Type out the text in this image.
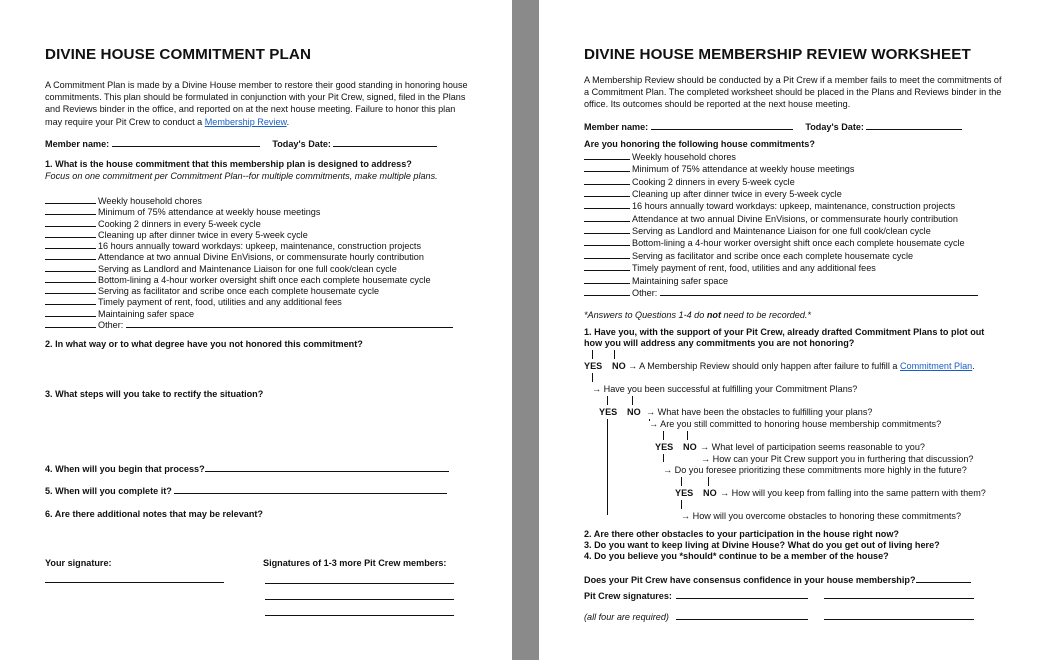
DIVINE HOUSE COMMITMENT PLAN
A Commitment Plan is made by a Divine House member to restore their good standing in honoring house commitments. This plan should be formulated in conjunction with your Pit Crew, signed, filed in the Plans and Reviews binder in the office, and reported on at the next house meeting. Failure to honor this plan may require your Pit Crew to conduct a Membership Review.
Member name:	Today's Date:
1. What is the house commitment that this membership plan is designed to address?
Focus on one commitment per Commitment Plan--for multiple commitments, make multiple plans.
Weekly household chores
Minimum of 75% attendance at weekly house meetings
Cooking 2 dinners in every 5-week cycle
Cleaning up after dinner twice in every 5-week cycle
16 hours annually toward workdays: upkeep, maintenance, construction projects
Attendance at two annual Divine EnVisions, or commensurate hourly contribution
Serving as Landlord and Maintenance Liaison for one full cook/clean cycle
Bottom-lining a 4-hour worker oversight shift once each complete housemate cycle
Serving as facilitator and scribe once each complete housemate cycle
Timely payment of rent, food, utilities and any additional fees
Maintaining safer space
Other:
2. In what way or to what degree have you not honored this commitment?
3. What steps will you take to rectify the situation?
4. When will you begin that process?
5. When will you complete it?
6. Are there additional notes that may be relevant?
Your signature:	Signatures of 1-3 more Pit Crew members:
DIVINE HOUSE MEMBERSHIP REVIEW WORKSHEET
A Membership Review should be conducted by a Pit Crew if a member fails to meet the commitments of a Commitment Plan. The completed worksheet should be placed in the Plans and Reviews binder in the office. Its outcomes should be reported at the next house meeting.
Member name:	Today's Date:
Are you honoring the following house commitments?
Weekly household chores
Minimum of 75% attendance at weekly house meetings
Cooking 2 dinners in every 5-week cycle
Cleaning up after dinner twice in every 5-week cycle
16 hours annually toward workdays: upkeep, maintenance, construction projects
Attendance at two annual Divine EnVisions, or commensurate hourly contribution
Serving as Landlord and Maintenance Liaison for one full cook/clean cycle
Bottom-lining a 4-hour worker oversight shift once each complete housemate cycle
Serving as facilitator and scribe once each complete housemate cycle
Timely payment of rent, food, utilities and any additional fees
Maintaining safer space
Other:
*Answers to Questions 1-4 do not need to be recorded.*
1. Have you, with the support of your Pit Crew, already drafted Commitment Plans to plot out
how you will address any commitments you are not honoring?
YES NO → A Membership Review should only happen after failure to fulfill a Commitment Plan.
→ Have you been successful at fulfilling your Commitment Plans?
YES NO → What have been the obstacles to fulfilling your plans?
→ Are you still committed to honoring house membership commitments?
YES NO → What level of participation seems reasonable to you?
→ How can your Pit Crew support you in furthering that discussion?
→ Do you foresee prioritizing these commitments more highly in the future?
YES NO → How will you keep from falling into the same pattern with them?
→ How will you overcome obstacles to honoring these commitments?
2. Are there other obstacles to your participation in the house right now?
3. Do you want to keep living at Divine House? What do you get out of living here?
4. Do you believe you *should* continue to be a member of the house?
Does your Pit Crew have consensus confidence in your house membership?
Pit Crew signatures:
(all four are required)
